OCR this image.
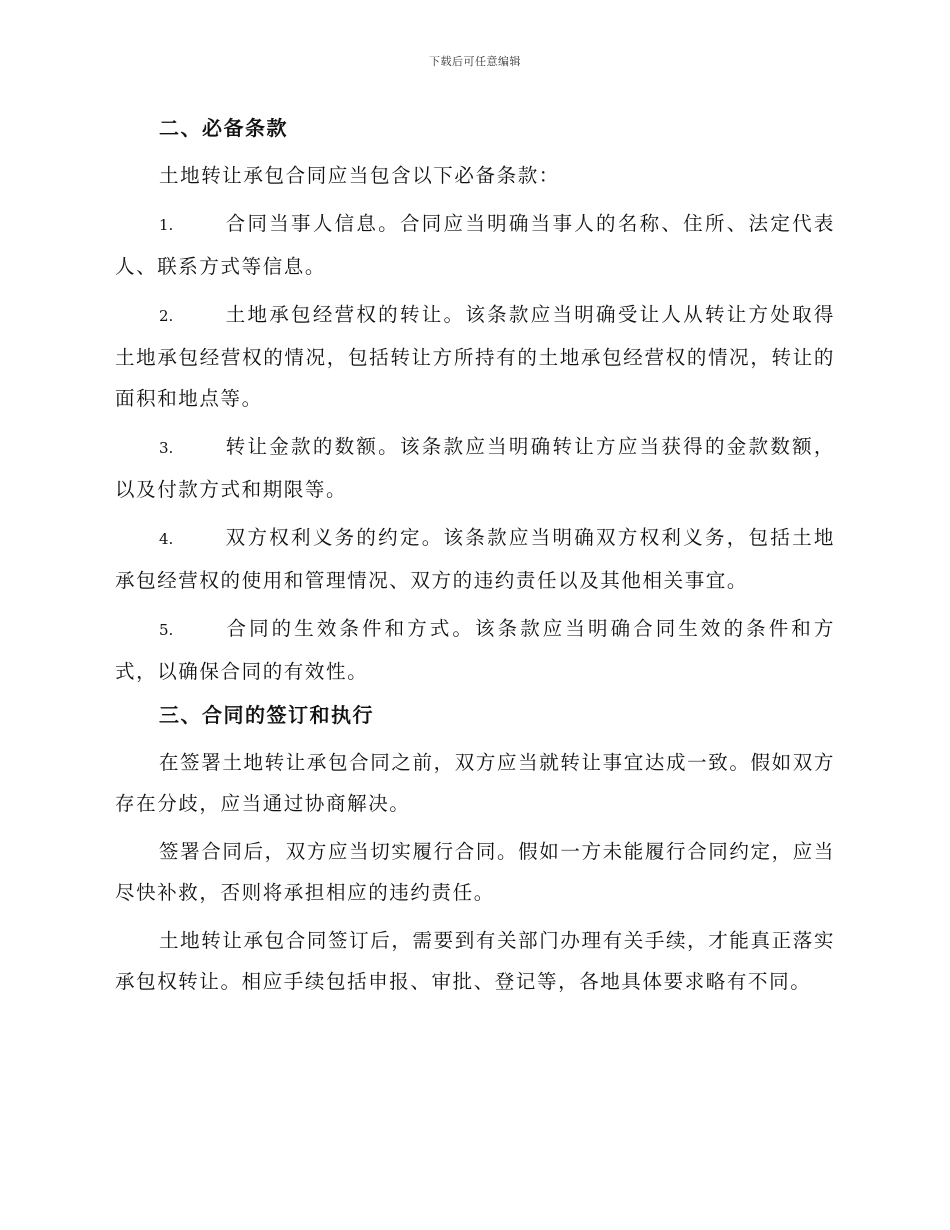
下载后可任意编辑
二、必备条款

土地转让承包合同应当包含以下必备条款：

1.	合同当事人信息。合同应当明确当事人的名称、住所、法定代表人、联系方式等信息。

2.	土地承包经营权的转让。该条款应当明确受让人从转让方处取得土地承包经营权的情况，包括转让方所持有的土地承包经营权的情况，转让的面积和地点等。

3.	转让金款的数额。该条款应当明确转让方应当获得的金款数额，以及付款方式和期限等。

4.	双方权利义务的约定。该条款应当明确双方权利义务，包括土地承包经营权的使用和管理情况、双方的违约责任以及其他相关事宜。

5.	合同的生效条件和方式。该条款应当明确合同生效的条件和方式，以确保合同的有效性。

三、合同的签订和执行

在签署土地转让承包合同之前，双方应当就转让事宜达成一致。假如双方存在分歧，应当通过协商解决。

签署合同后，双方应当切实履行合同。假如一方未能履行合同约定，应当尽快补救，否则将承担相应的违约责任。

土地转让承包合同签订后，需要到有关部门办理有关手续，才能真正落实承包权转让。相应手续包括申报、审批、登记等，各地具体要求略有不同。
